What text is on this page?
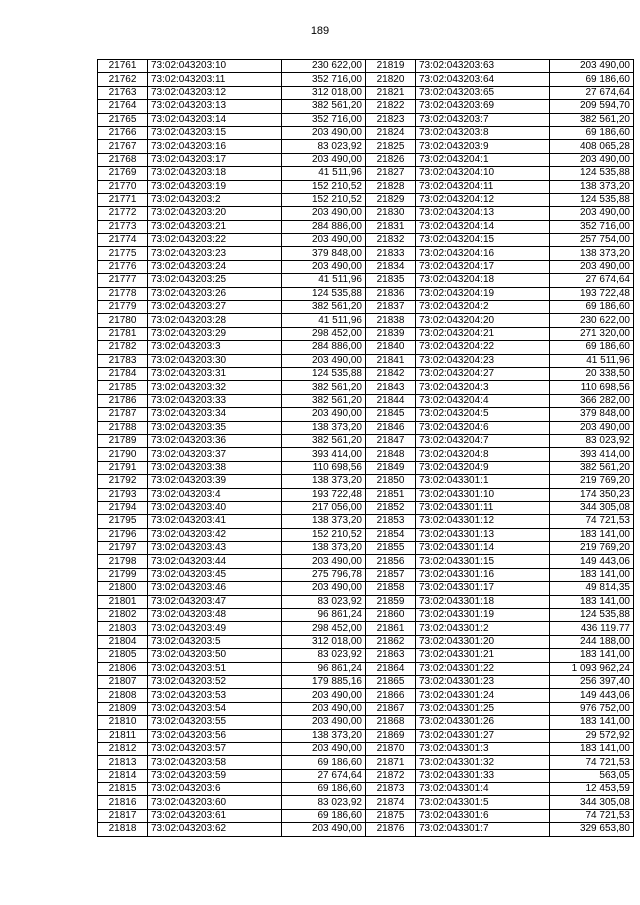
189
21761	73:02:043203:10	230 622,00
21762	73:02:043203:11	352 716,00
21763	73:02:043203:12	312 018,00
21764	73:02:043203:13	382 561,20
21765	73:02:043203:14	352 716,00
21766	73:02:043203:15	203 490,00
21767	73:02:043203:16	83 023,92
21768	73:02:043203:17	203 490,00
21769	73:02:043203:18	41 511,96
21770	73:02:043203:19	152 210,52
21771	73:02:043203:2	152 210,52
21772	73:02:043203:20	203 490,00
21773	73:02:043203:21	284 886,00
21774	73:02:043203:22	203 490,00
21775	73:02:043203:23	379 848,00
21776	73:02:043203:24	203 490,00
21777	73:02:043203:25	41 511,96
21778	73:02:043203:26	124 535,88
21779	73:02:043203:27	382 561,20
21780	73:02:043203:28	41 511,96
21781	73:02:043203:29	298 452,00
21782	73:02:043203:3	284 886,00
21783	73:02:043203:30	203 490,00
21784	73:02:043203:31	124 535,88
21785	73:02:043203:32	382 561,20
21786	73:02:043203:33	382 561,20
21787	73:02:043203:34	203 490,00
21788	73:02:043203:35	138 373,20
21789	73:02:043203:36	382 561,20
21790	73:02:043203:37	393 414,00
21791	73:02:043203:38	110 698,56
21792	73:02:043203:39	138 373,20
21793	73:02:043203:4	193 722,48
21794	73:02:043203:40	217 056,00
21795	73:02:043203:41	138 373,20
21796	73:02:043203:42	152 210,52
21797	73:02:043203:43	138 373,20
21798	73:02:043203:44	203 490,00
21799	73:02:043203:45	275 796,78
21800	73:02:043203:46	203 490,00
21801	73:02:043203:47	83 023,92
21802	73:02:043203:48	96 861,24
21803	73:02:043203:49	298 452,00
21804	73:02:043203:5	312 018,00
21805	73:02:043203:50	83 023,92
21806	73:02:043203:51	96 861,24
21807	73:02:043203:52	179 885,16
21808	73:02:043203:53	203 490,00
21809	73:02:043203:54	203 490,00
21810	73:02:043203:55	203 490,00
21811	73:02:043203:56	138 373,20
21812	73:02:043203:57	203 490,00
21813	73:02:043203:58	69 186,60
21814	73:02:043203:59	27 674,64
21815	73:02:043203:6	69 186,60
21816	73:02:043203:60	83 023,92
21817	73:02:043203:61	69 186,60
21818	73:02:043203:62	203 490,00
21819	73:02:043203:63	203 490,00
21820	73:02:043203:64	69 186,60
21821	73:02:043203:65	27 674,64
21822	73:02:043203:69	209 594,70
21823	73:02:043203:7	382 561,20
21824	73:02:043203:8	69 186,60
21825	73:02:043203:9	408 065,28
21826	73:02:043204:1	203 490,00
21827	73:02:043204:10	124 535,88
21828	73:02:043204:11	138 373,20
21829	73:02:043204:12	124 535,88
21830	73:02:043204:13	203 490,00
21831	73:02:043204:14	352 716,00
21832	73:02:043204:15	257 754,00
21833	73:02:043204:16	138 373,20
21834	73:02:043204:17	203 490,00
21835	73:02:043204:18	27 674,64
21836	73:02:043204:19	193 722,48
21837	73:02:043204:2	69 186,60
21838	73:02:043204:20	230 622,00
21839	73:02:043204:21	271 320,00
21840	73:02:043204:22	69 186,60
21841	73:02:043204:23	41 511,96
21842	73:02:043204:27	20 338,50
21843	73:02:043204:3	110 698,56
21844	73:02:043204:4	366 282,00
21845	73:02:043204:5	379 848,00
21846	73:02:043204:6	203 490,00
21847	73:02:043204:7	83 023,92
21848	73:02:043204:8	393 414,00
21849	73:02:043204:9	382 561,20
21850	73:02:043301:1	219 769,20
21851	73:02:043301:10	174 350,23
21852	73:02:043301:11	344 305,08
21853	73:02:043301:12	74 721,53
21854	73:02:043301:13	183 141,00
21855	73:02:043301:14	219 769,20
21856	73:02:043301:15	149 443,06
21857	73:02:043301:16	183 141,00
21858	73:02:043301:17	49 814,35
21859	73:02:043301:18	183 141,00
21860	73:02:043301:19	124 535,88
21861	73:02:043301:2	436 119.77
21862	73:02:043301:20	244 188,00
21863	73:02:043301:21	183 141,00
21864	73:02:043301:22	1 093 962,24
21865	73:02:043301:23	256 397,40
21866	73:02:043301:24	149 443,06
21867	73:02:043301:25	976 752,00
21868	73:02:043301:26	183 141,00
21869	73:02:043301:27	29 572,92
21870	73:02:043301:3	183 141,00
21871	73:02:043301:32	74 721,53
21872	73:02:043301:33	563,05
21873	73:02:043301:4	12 453,59
21874	73:02:043301:5	344 305,08
21875	73:02:043301:6	74 721,53
21876	73:02:043301:7	329 653,80
